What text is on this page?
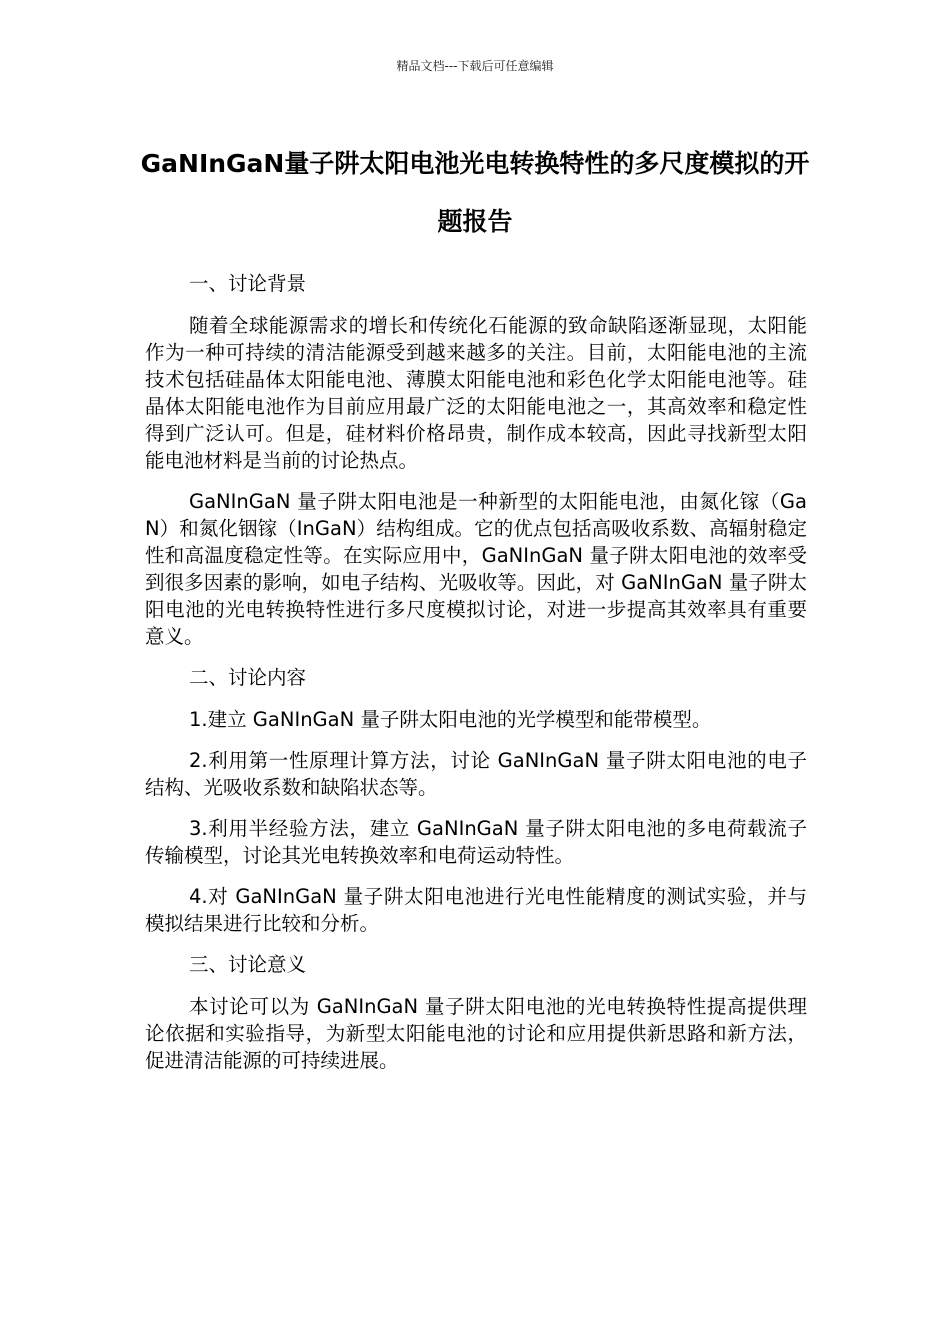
精品文档---下载后可任意编辑
GaNInGaN量子阱太阳电池光电转换特性的多尺度模拟的开题报告

一、讨论背景

随着全球能源需求的增长和传统化石能源的致命缺陷逐渐显现，太阳能作为一种可持续的清洁能源受到越来越多的关注。目前，太阳能电池的主流技术包括硅晶体太阳能电池、薄膜太阳能电池和彩色化学太阳能电池等。硅晶体太阳能电池作为目前应用最广泛的太阳能电池之一，其高效率和稳定性得到广泛认可。但是，硅材料价格昂贵，制作成本较高，因此寻找新型太阳能电池材料是当前的讨论热点。

GaNInGaN 量子阱太阳电池是一种新型的太阳能电池，由氮化镓（GaN）和氮化铟镓（InGaN）结构组成。它的优点包括高吸收系数、高辐射稳定性和高温度稳定性等。在实际应用中，GaNInGaN 量子阱太阳电池的效率受到很多因素的影响，如电子结构、光吸收等。因此，对 GaNInGaN 量子阱太阳电池的光电转换特性进行多尺度模拟讨论，对进一步提高其效率具有重要意义。

二、讨论内容

1.建立 GaNInGaN 量子阱太阳电池的光学模型和能带模型。

2.利用第一性原理计算方法，讨论 GaNInGaN 量子阱太阳电池的电子结构、光吸收系数和缺陷状态等。

3.利用半经验方法，建立 GaNInGaN 量子阱太阳电池的多电荷载流子传输模型，讨论其光电转换效率和电荷运动特性。

4.对 GaNInGaN 量子阱太阳电池进行光电性能精度的测试实验，并与模拟结果进行比较和分析。

三、讨论意义

本讨论可以为 GaNInGaN 量子阱太阳电池的光电转换特性提高提供理论依据和实验指导，为新型太阳能电池的讨论和应用提供新思路和新方法，促进清洁能源的可持续进展。
